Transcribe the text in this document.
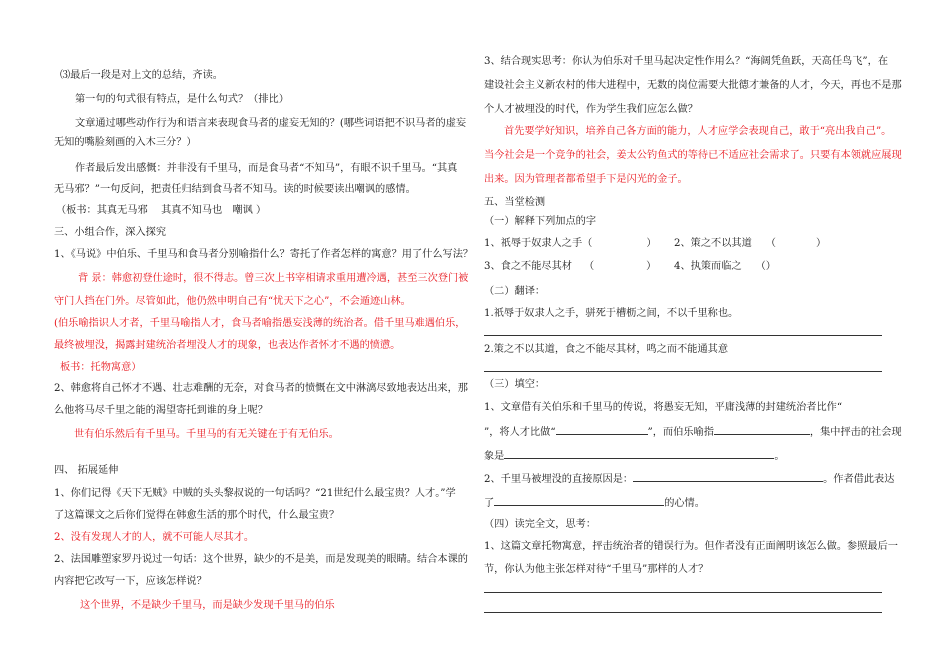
⑶最后一段是对上文的总结，齐读。
第一句的句式很有特点，是什么句式？（排比）
文章通过哪些动作行为和语言来表现食马者的虚妄无知的？(哪些词语把不识马者的虚妄
无知的嘴脸刻画的入木三分？）
作者最后发出感慨：并非没有千里马，而是食马者“不知马”，有眼不识千里马。“其真
无马邪？”一句反问，把责任归结到食马者不知马。读的时候要读出嘲讽的感情。
（板书：其真无马邪　 其真不知马也　嘲讽 ）
三、小组合作，深入探究
1、《马说》中伯乐、千里马和食马者分别喻指什么？寄托了作者怎样的寓意？用了什么写法？
背 景：韩愈初登仕途时，很不得志。曾三次上书宰相请求重用遭冷遇，甚至三次登门被
守门人挡在门外。尽管如此，他仍然申明自己有“忧天下之心”，不会遁迹山林。
(伯乐喻指识人才者，千里马喻指人才，食马者喻指愚妄浅薄的统治者。借千里马难遇伯乐，
最终被埋没，揭露封建统治者埋没人才的现象，也表达作者怀才不遇的愤懑。
板书：托物寓意）
2、韩愈将自己怀才不遇、壮志难酬的无奈，对食马者的愤慨在文中淋漓尽致地表达出来，那
么他将马尽千里之能的渴望寄托到谁的身上呢？
世有伯乐然后有千里马。千里马的有无关键在于有无伯乐。
四、 拓展延伸
1、你们记得《天下无贼》中贼的头头黎叔说的一句话吗？“21世纪什么最宝贵？人才。”学
了这篇课文之后你们觉得在韩愈生活的那个时代，什么最宝贵？
2、没有发现人才的人，就不可能人尽其才。
2、法国雕塑家罗丹说过一句话：这个世界，缺少的不是美，而是发现美的眼睛。结合本课的
内容把它改写一下，应该怎样说？
这个世界，不是缺少千里马，而是缺少发现千里马的伯乐
3、结合现实思考：你认为伯乐对千里马起决定性作用么？“海阔凭鱼跃，天高任鸟飞”，在
建设社会主义新农村的伟大进程中，无数的岗位需要大批德才兼备的人才，今天，再也不是那
个人才被埋没的时代，作为学生我们应怎么做？
首先要学好知识，培养自己各方面的能力，人才应学会表现自己，敢于“亮出我自己”。
当今社会是一个竞争的社会，姜太公钓鱼式的等待已不适应社会需求了。只要有本领就应展现
出来。因为管理者都希望手下是闪光的金子。
五、当堂检测
（一）解释下列加点的字
1、祇辱于奴隶人之手（	） 2、策之不以其道 （	）
3、食之不能尽其材 （	） 4、执策而临之 （）
（二）翻译：
1.祇辱于奴隶人之手，骈死于槽枥之间，不以千里称也。
2.策之不以其道，食之不能尽其材，鸣之而不能通其意
（三）填空：
1、文章借有关伯乐和千里马的传说，将愚妄无知，平庸浅薄的封建统治者比作“
”，将人才比做“	”，而伯乐喻指	，集中抨击的社会现
象是	。
2、千里马被埋没的直接原因是：	。作者借此表达
了	的心情。
（四）读完全文，思考：
1、这篇文章托物寓意，抨击统治者的错误行为。但作者没有正面阐明该怎么做。参照最后一
节，你认为他主张怎样对待“千里马”那样的人才？
